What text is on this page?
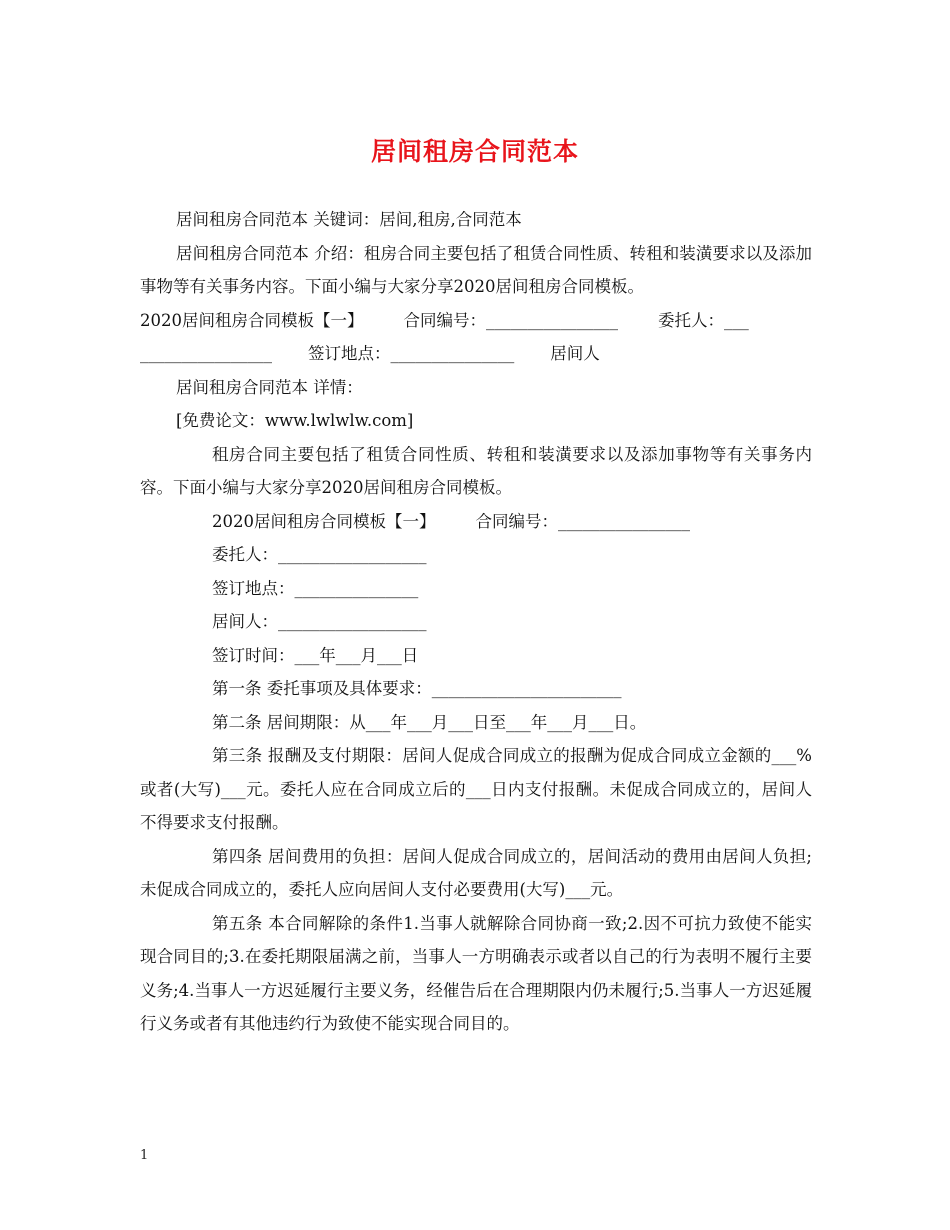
居间租房合同范本

居间租房合同范本 关键词：居间,租房,合同范本

居间租房合同范本 介绍：租房合同主要包括了租赁合同性质、转租和装潢要求以及添加事物等有关事务内容。下面小编与大家分享2020居间租房合同模板。

2020居间租房合同模板【一】 合同编号：________________ 委托人：___

________________ 签订地点：_______________ 居间人

居间租房合同范本 详情：

[免费论文：www.lwlwlw.com]

租房合同主要包括了租赁合同性质、转租和装潢要求以及添加事物等有关事务内容。下面小编与大家分享2020居间租房合同模板。

2020居间租房合同模板【一】 合同编号：________________

委托人：__________________

签订地点：_______________

居间人：__________________

签订时间：___年___月___日

第一条 委托事项及具体要求：_______________________

第二条 居间期限：从___年___月___日至___年___月___日。

第三条 报酬及支付期限：居间人促成合同成立的报酬为促成合同成立金额的___%或者(大写)___元。委托人应在合同成立后的___日内支付报酬。未促成合同成立的，居间人不得要求支付报酬。

第四条 居间费用的负担：居间人促成合同成立的，居间活动的费用由居间人负担;未促成合同成立的，委托人应向居间人支付必要费用(大写)___元。

第五条 本合同解除的条件1.当事人就解除合同协商一致;2.因不可抗力致使不能实现合同目的;3.在委托期限届满之前，当事人一方明确表示或者以自己的行为表明不履行主要义务;4.当事人一方迟延履行主要义务，经催告后在合理期限内仍未履行;5.当事人一方迟延履行义务或者有其他违约行为致使不能实现合同目的。

1
